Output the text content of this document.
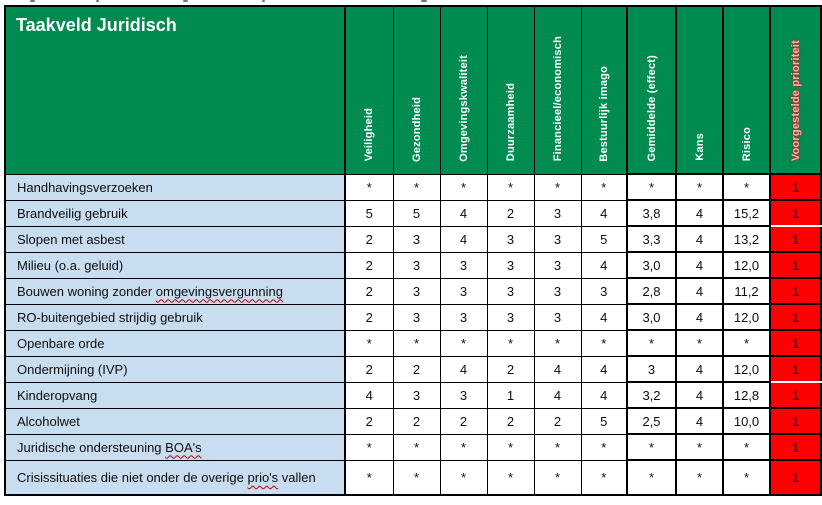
Taakveld Juridisch	Veiligheid	Gezondheid	Omgevingskwaliteit	Duurzaamheid	Financieel/economisch	Bestuurlijk imago	Gemiddelde (effect)	Kans	Risico	Voorgestelde prioriteit
Handhavingsverzoeken	*	*	*	*	*	*	*	*	*	1
Brandveilig gebruik	5	5	4	2	3	4	3,8	4	15,2	1
Slopen met asbest	2	3	4	3	3	5	3,3	4	13,2	1
Milieu (o.a. geluid)	2	3	3	3	3	4	3,0	4	12,0	1
Bouwen woning zonder omgevingsvergunning	2	3	3	3	3	3	2,8	4	11,2	1
RO-buitengebied strijdig gebruik	2	3	3	3	3	4	3,0	4	12,0	1
Openbare orde	*	*	*	*	*	*	*	*	*	1
Ondermijning (IVP)	2	2	4	2	4	4	3	4	12,0	1
Kinderopvang	4	3	3	1	4	4	3,2	4	12,8	1
Alcoholwet	2	2	2	2	2	5	2,5	4	10,0	1
Juridische ondersteuning BOA's	*	*	*	*	*	*	*	*	*	1
Crisissituaties die niet onder de overige prio's vallen	*	*	*	*	*	*	*	*	*	1
